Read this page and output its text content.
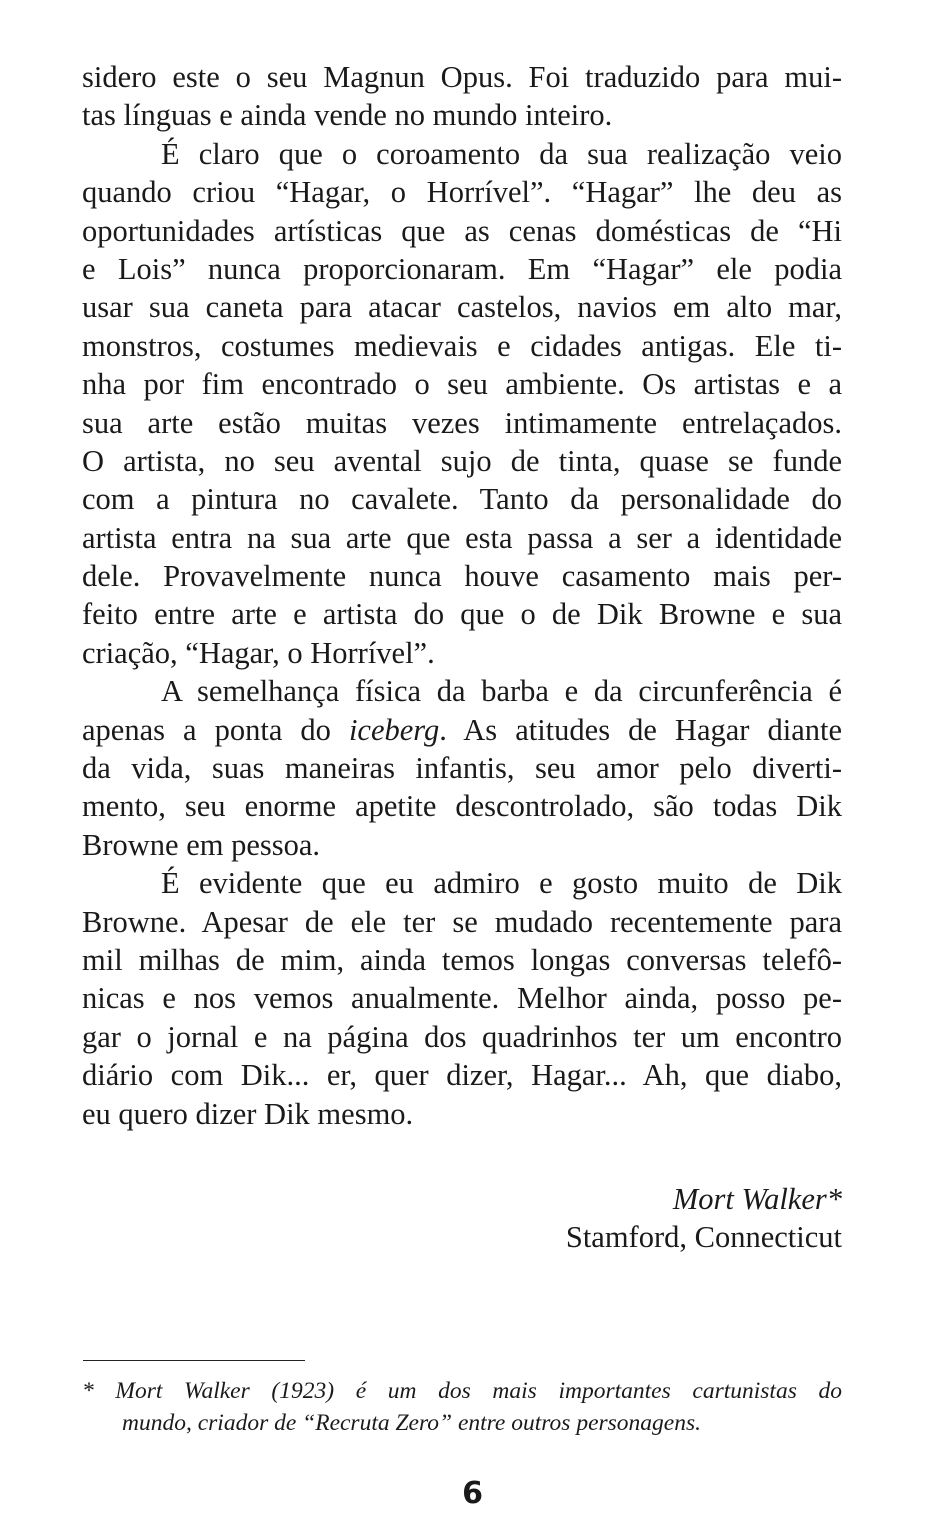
sidero este o seu Magnun Opus. Foi traduzido para mui-
tas línguas e ainda vende no mundo inteiro.
É claro que o coroamento da sua realização veio
quando criou “Hagar, o Horrível”. “Hagar” lhe deu as
oportunidades artísticas que as cenas domésticas de “Hi
e Lois” nunca proporcionaram. Em “Hagar” ele podia
usar sua caneta para atacar castelos, navios em alto mar,
monstros, costumes medievais e cidades antigas. Ele ti-
nha por fim encontrado o seu ambiente. Os artistas e a
sua arte estão muitas vezes intimamente entrelaçados.
O artista, no seu avental sujo de tinta, quase se funde
com a pintura no cavalete. Tanto da personalidade do
artista entra na sua arte que esta passa a ser a identidade
dele. Provavelmente nunca houve casamento mais per-
feito entre arte e artista do que o de Dik Browne e sua
criação, “Hagar, o Horrível”.
A semelhança física da barba e da circunferência é
apenas a ponta do iceberg. As atitudes de Hagar diante
da vida, suas maneiras infantis, seu amor pelo diverti-
mento, seu enorme apetite descontrolado, são todas Dik
Browne em pessoa.
É evidente que eu admiro e gosto muito de Dik
Browne. Apesar de ele ter se mudado recentemente para
mil milhas de mim, ainda temos longas conversas telefô-
nicas e nos vemos anualmente. Melhor ainda, posso pe-
gar o jornal e na página dos quadrinhos ter um encontro
diário com Dik... er, quer dizer, Hagar... Ah, que diabo,
eu quero dizer Dik mesmo.
Mort Walker*
Stamford, Connecticut
* Mort Walker (1923) é um dos mais importantes cartunistas do
mundo, criador de “Recruta Zero” entre outros personagens.
6
